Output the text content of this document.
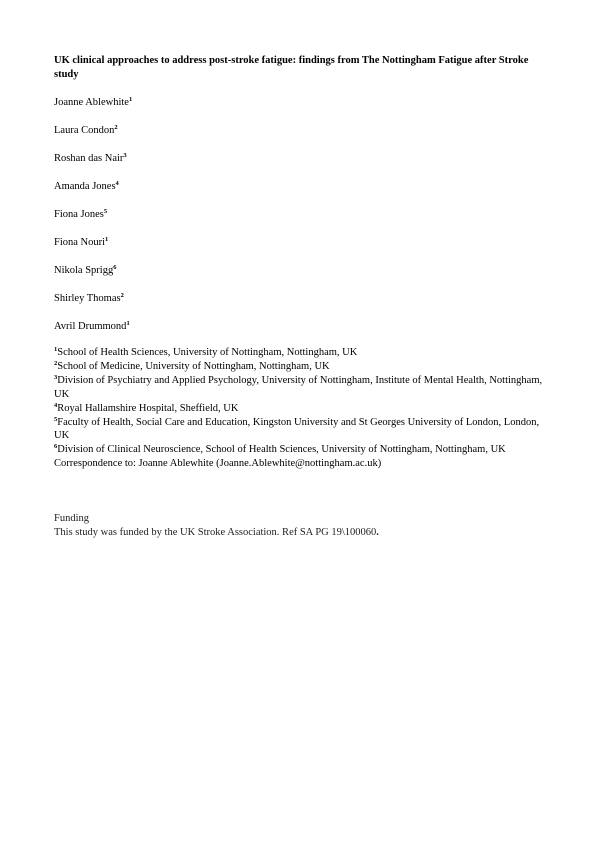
UK clinical approaches to address post-stroke fatigue: findings from The Nottingham Fatigue after Stroke study
Joanne Ablewhite$^1$
Laura Condon$^2$
Roshan das Nair$^3$
Amanda Jones$^4$
Fiona Jones$^5$
Fiona Nouri$^1$
Nikola Sprigg$^6$
Shirley Thomas$^2$
Avril Drummond$^1$

$^1$School of Health Sciences, University of Nottingham, Nottingham, UK

$^2$School of Medicine, University of Nottingham, Nottingham, UK

$^3$Division of Psychiatry and Applied Psychology, University of Nottingham, Institute of Mental Health, Nottingham, UK

$^4$Royal Hallamshire Hospital, Sheffield, UK

$^5$Faculty of Health, Social Care and Education, Kingston University and St Georges University of London, London, UK

$^6$Division of Clinical Neuroscience, School of Health Sciences, University of Nottingham, Nottingham, UK

Correspondence to: Joanne Ablewhite (Joanne.Ablewhite@nottingham.ac.uk)

Funding
This study was funded by the UK Stroke Association. Ref SA PG 19\100060.
